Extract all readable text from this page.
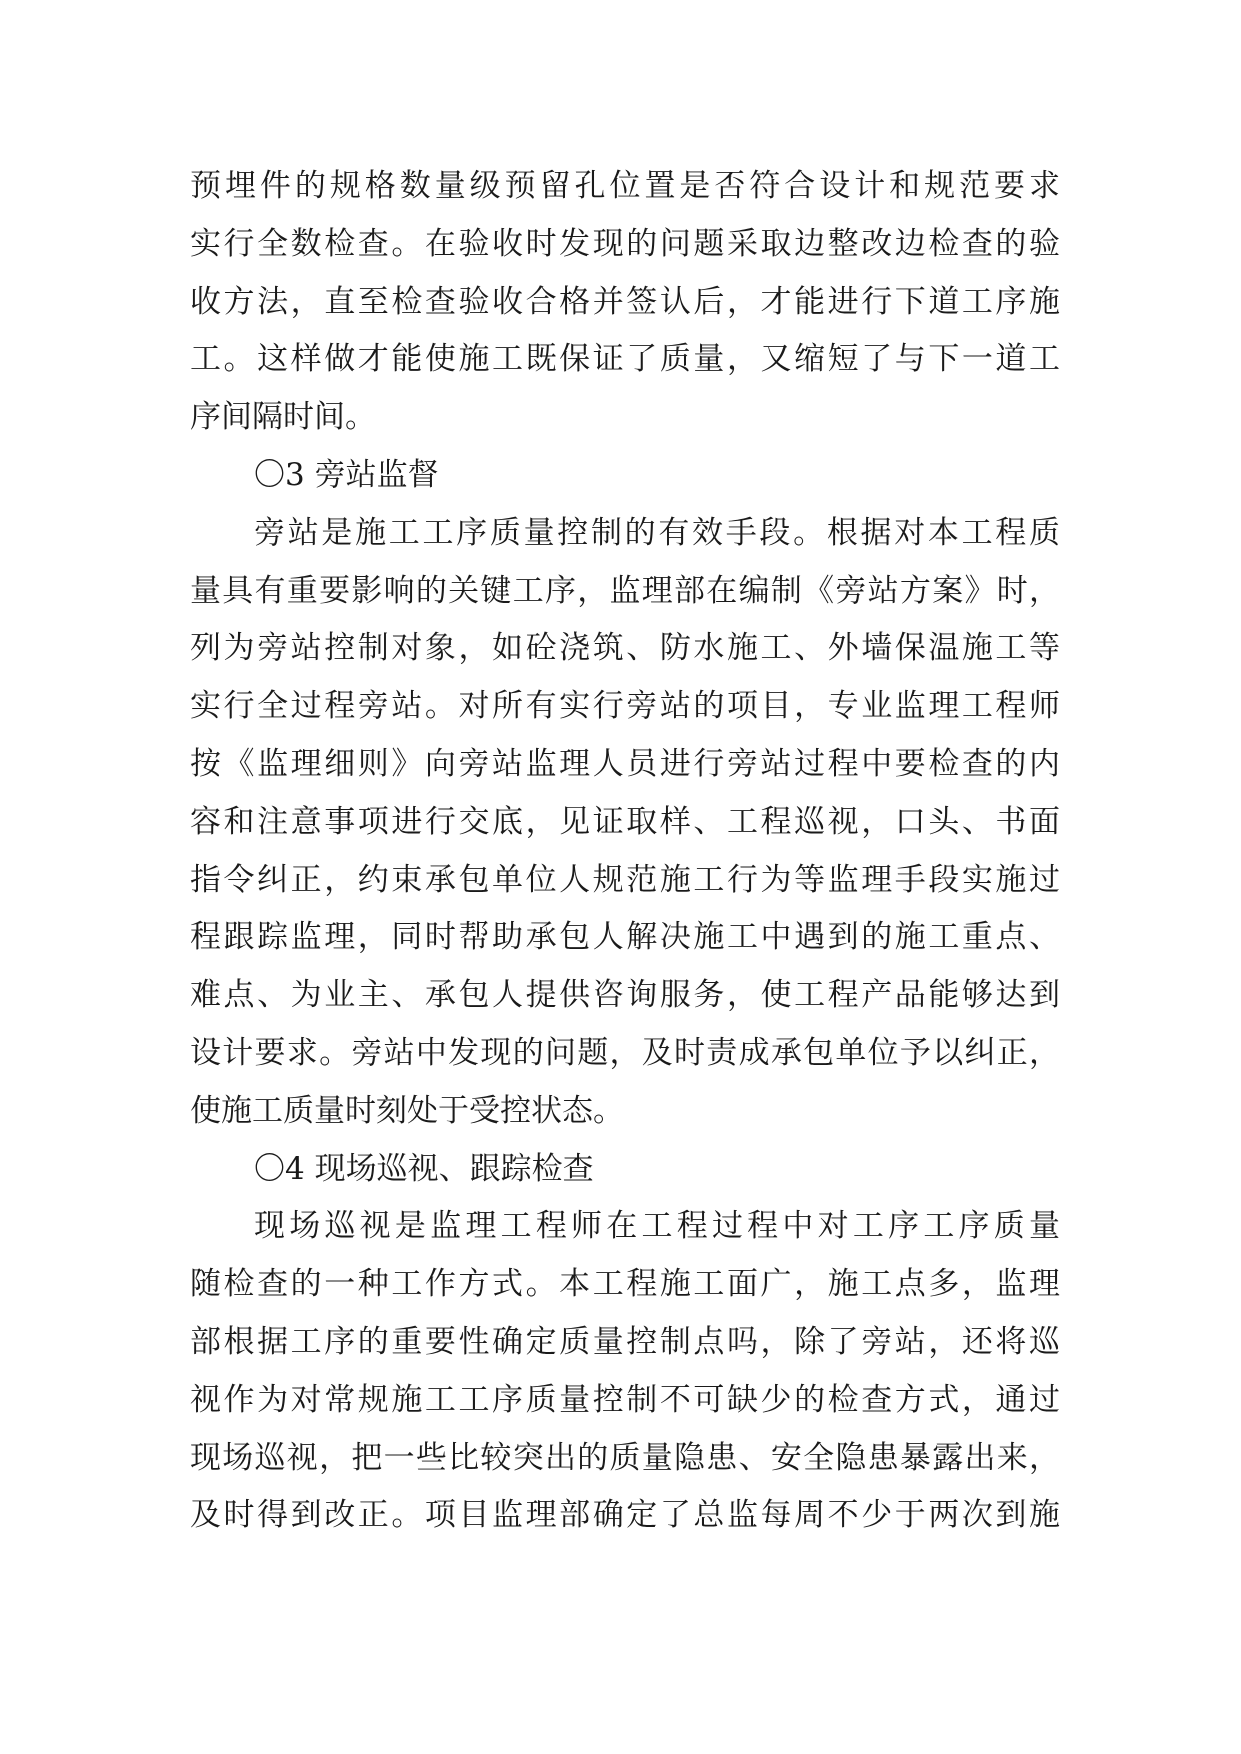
预埋件的规格数量级预留孔位置是否符合设计和规范要求
实行全数检查。在验收时发现的问题采取边整改边检查的验
收方法，直至检查验收合格并签认后，才能进行下道工序施
工。这样做才能使施工既保证了质量，又缩短了与下一道工
序间隔时间。
〇3 旁站监督
旁站是施工工序质量控制的有效手段。根据对本工程质
量具有重要影响的关键工序，监理部在编制《旁站方案》时，
列为旁站控制对象，如砼浇筑、防水施工、外墙保温施工等
实行全过程旁站。对所有实行旁站的项目，专业监理工程师
按《监理细则》向旁站监理人员进行旁站过程中要检查的内
容和注意事项进行交底，见证取样、工程巡视，口头、书面
指令纠正，约束承包单位人规范施工行为等监理手段实施过
程跟踪监理，同时帮助承包人解决施工中遇到的施工重点、
难点、为业主、承包人提供咨询服务，使工程产品能够达到
设计要求。旁站中发现的问题，及时责成承包单位予以纠正，
使施工质量时刻处于受控状态。
〇4 现场巡视、跟踪检查
现场巡视是监理工程师在工程过程中对工序工序质量
随检查的一种工作方式。本工程施工面广，施工点多，监理
部根据工序的重要性确定质量控制点吗，除了旁站，还将巡
视作为对常规施工工序质量控制不可缺少的检查方式，通过
现场巡视，把一些比较突出的质量隐患、安全隐患暴露出来，
及时得到改正。项目监理部确定了总监每周不少于两次到施
